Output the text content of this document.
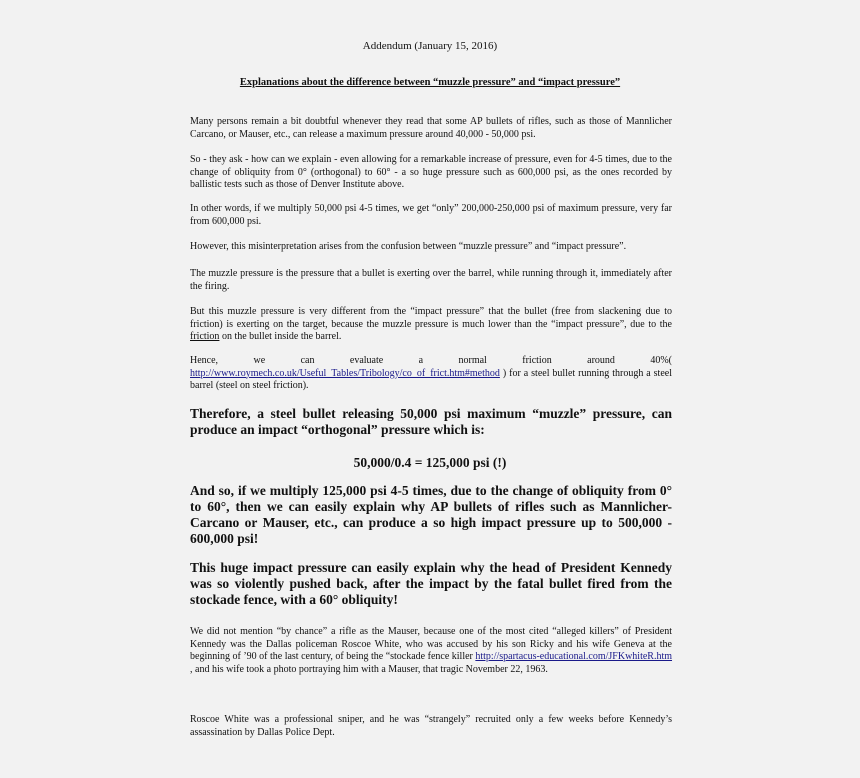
Addendum (January 15, 2016)
Explanations about the difference between “muzzle pressure” and “impact pressure”
Many persons remain a bit doubtful whenever they read that some AP bullets of rifles, such as those of Mannlicher Carcano, or Mauser, etc., can release a maximum pressure around 40,000 - 50,000 psi.
So - they ask - how can we explain - even allowing for a remarkable increase of pressure, even for 4-5 times, due to the change of obliquity from 0° (orthogonal) to 60° - a so huge pressure such as 600,000 psi, as the ones recorded by ballistic tests such as those of Denver Institute above.
In other words, if we multiply 50,000 psi 4-5 times, we get “only” 200,000-250,000 psi of maximum pressure, very far from 600,000 psi.
However, this misinterpretation arises from the confusion between “muzzle pressure” and “impact pressure”.
The muzzle pressure is the pressure that a bullet is exerting over the barrel, while running through it, immediately after the firing.
But this muzzle pressure is very different from the “impact pressure” that the bullet (free from slackening due to friction) is exerting on the target, because the muzzle pressure is much lower than the “impact pressure”, due to the friction on the bullet inside the barrel.
Hence, we can evaluate a normal friction around 40%( http://www.roymech.co.uk/Useful_Tables/Tribology/co_of_frict.htm#method ) for a steel bullet running through a steel barrel (steel on steel friction).
Therefore, a steel bullet releasing 50,000 psi maximum “muzzle” pressure, can produce an impact “orthogonal” pressure which is:
50,000/0.4 = 125,000 psi (!)
And so, if we multiply 125,000 psi 4-5 times, due to the change of obliquity from 0° to 60°, then we can easily explain why AP bullets of rifles such as Mannlicher-Carcano or Mauser, etc., can produce a so high impact pressure up to 500,000 - 600,000 psi!
This huge impact pressure can easily explain why the head of President Kennedy was so violently pushed back, after the impact by the fatal bullet fired from the stockade fence, with a 60° obliquity!
We did not mention “by chance” a rifle as the Mauser, because one of the most cited “alleged killers” of President Kennedy was the Dallas policeman Roscoe White, who was accused by his son Ricky and his wife Geneva at the beginning of ’90 of the last century, of being the “stockade fence killer http://spartacus-educational.com/JFKwhiteR.htm , and his wife took a photo portraying him with a Mauser, that tragic November 22, 1963.
Roscoe White was a professional sniper, and he was “strangely” recruited only a few weeks before Kennedy’s assassination by Dallas Police Dept.
